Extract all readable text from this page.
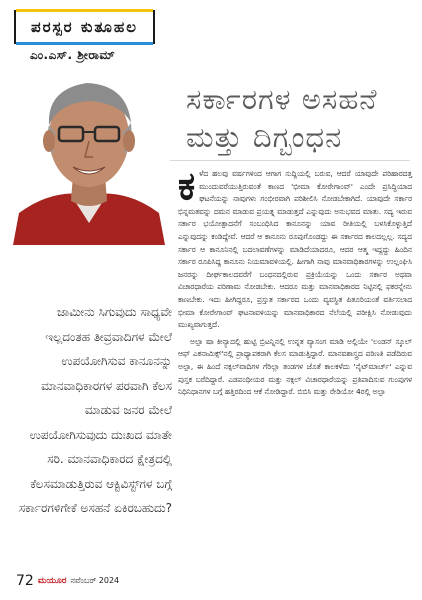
ಪರಸ್ಪರ ಕುತೂಹಲ
ಎಂ.ಎಸ್. ಶ್ರೀರಾಮ್
ಸರ್ಕಾರಗಳ ಅಸಹನೆ
ಮತ್ತು ದಿಗ್ಬಂಧನ
ಜಾಮೀನು ಸಿಗುವುದು ಸಾಧ್ಯವೇ ಇಲ್ಲದಂತಹ ತೀವ್ರವಾದಿಗಳ ಮೇಲೆ ಉಪಯೋಗಿಸುವ ಕಾನೂನನ್ನು ಮಾನವಾಧಿಕಾರಗಳ ಪರವಾಗಿ ಕೆಲಸ ಮಾಡುವ ಜನರ ಮೇಲೆ ಉಪಯೋಗಿಸುವುದು ದುಃಖದ ಮಾತೇ ಸರಿ. ಮಾನವಾಧಿಕಾರದ ಕ್ಷೇತ್ರದಲ್ಲಿ ಕೆಲಸಮಾಡುತ್ತಿರುವ ಆಕ್ಟಿವಿಸ್ಟ್‌ಗಳ ಬಗ್ಗೆ ಸರ್ಕಾರಗಳಿಗೇಕೆ ಅಸಹನೆ ಏಕಿರಬಹುದು?

ಕಳೆದ ಹಲವು ವರ್ಷಗಳಿಂದ ಆಗಾಗ ಸುದ್ದಿಯಲ್ಲಿ ಬರುವ, ಆದರೆ ಯಾವುದೇ ಪರಿಹಾರದತ್ತ ಮುಂದುವರೆಯುತ್ತಿರುವಂತೆ ಕಾಣದ 'ಭೀಮಾ ಕೋರೇಗಾಂವ್' ಎಂದೇ ಪ್ರಸಿದ್ಧಿಯಾದ ಘಟನೆಯನ್ನು ನಾವುಗಳು ಗಂಭೀರವಾಗಿ ಪರಿಶೀಲಿಸಿ ನೋಡಬೇಕಾಗಿದೆ. ಯಾವುದೇ ಸರ್ಕಾರ ಭಿನ್ನಮತವನ್ನು ದಮನ ಮಾಡುವ ಪ್ರಯತ್ನ ಮಾಡುತ್ತದೆ ಎನ್ನುವುದು ಅನುಭವದ ಮಾತು. ಸದ್ಯ ಇರುವ ಸರ್ಕಾರ ಭಯೋತ್ಪಾದನೆಗೆ ಸಂಬಂಧಿಸಿದ ಕಾನೂನನ್ನು ಯಾವ ರೀತಿಯಲ್ಲಿ ಬಳಸಿಕೊಳ್ಳುತ್ತಿದೆ ಎನ್ನುವುದನ್ನು ಕಂಡಿದ್ದೇವೆ. ಆದರೆ ಆ ಕಾನೂನು ರೂಪುಗೊಂಡದ್ದು ಈ ಸರ್ಕಾರದ ಕಾಲದಲ್ಲಲ್ಲ. ಸದ್ಯದ ಸರ್ಕಾರ ಆ ಕಾನೂನಿನಲ್ಲಿ ಬದಲಾವಣೆಗಳನ್ನು ಮಾಡಿದೆಯಾದರೂ, ಆದರ ಆತ್ಮ ಇದ್ದದ್ದು ಹಿಂದಿನ ಸರ್ಕಾರ ರೂಪಿಸಿದ್ದ ಕಾನೂನು ನಿಯಮಾವಳಿಯಲ್ಲಿ. ಹೀಗಾಗಿ ನಾವು ಮಾನವಾಧಿಕಾರಗಳನ್ನು ಉಲ್ಲಂಘಿಸಿ ಜನರನ್ನು ದೀರ್ಘಕಾಲದವರೆಗೆ ಬಂಧನದಲ್ಲಿರುವ ಪ್ರಕ್ರಿಯೆಯನ್ನು ಒಂದು ಸರ್ಕಾರ ಅಥವಾ ವಿಚಾರಧಾರೆಯ ಪರಿಣಾಮ ನೋಡಬೇಕು. ಆದರೂ ಮತ್ತು ಮಾನವಾಧಿಕಾರದ ನಿಟ್ಟಿನಲ್ಲಿ ಫಕರನ್ನೇನು ಕಾಣಬೇಕು. ಇದು ಹೀಗಿದ್ದರೂ, ಪ್ರಸ್ತುತ ಸರ್ಕಾರದ ಒಂದು ವ್ಯವಸ್ಥಿತ ಪಿತೂರಿಯಂತೆ ವರ್ತಿಸಲಾದ ಭೀಮಾ ಕೋರೇಗಾಂವ್ ಘಟನಾವಳಿಯನ್ನು ಮಾನವಾಧಿಕಾರದ ನೆಲೆಯಲ್ಲಿ ಪರೀಕ್ಷಿಸಿ ನೋಡುವುದು ಮುಖ್ಯವಾಗುತ್ತದೆ.

ಅಲ್ಪಾ ಷಾ ಕೀನ್ಯಾದಲ್ಲಿ ಹುಟ್ಟಿ ಬ್ರಿಟನ್ನಿನಲ್ಲಿ ಉನ್ನತ ವ್ಯಾಸಂಗ ಮಾಡಿ ಅಲ್ಲಿಯೇ 'ಲಂಡನ್ ಸ್ಕೂಲ್ ಆಫ್ ಎಕನಾಮಿಕ್ಸ್'ನಲ್ಲಿ ಪ್ರಾಧ್ಯಾಪಕರಾಗಿ ಕೆಲಸ ಮಾಡುತ್ತಿದ್ದಾರೆ. ಮಾನವಶಾಸ್ತ್ರದ ಪರಿಣತಿ ಪಡೆದಿರುವ ಅಲ್ಪಾ, ಈ ಹಿಂದೆ ನಕ್ಸಲ್‌ವಾದಿಗಳ ಗೆರಿಲ್ಲಾ ತಂಡಗಳ ಜೊತೆ ಕಾಲಕಳೆದು 'ನೈಟ್‌ಮಾರ್ಚ್' ಎನ್ನುವ ಪುಸ್ತಕ ಬರೆದಿದ್ದಾರೆ. ಎಡಪಂಥೀಯರ ಮತ್ತು ನಕ್ಸಲ್ ವಿಚಾರಧಾರೆಯನ್ನು ಪ್ರತಿಪಾದಿಸುವ ಗುಂಪುಗಳ ನಿಧಿನಿಧಾನಗಳ ಬಗ್ಗೆ ಹತ್ತಿರದಿಂದ ಆಕೆ ನೋಡಿದ್ದಾರೆ. ಬಿಬಿಸಿ ಮತ್ತು ರೇಡಿಯೋ 4ರಲ್ಲಿ ಅಲ್ಪಾ

72 ಮಯೂರ ನವೆಂಬರ್ 2024
